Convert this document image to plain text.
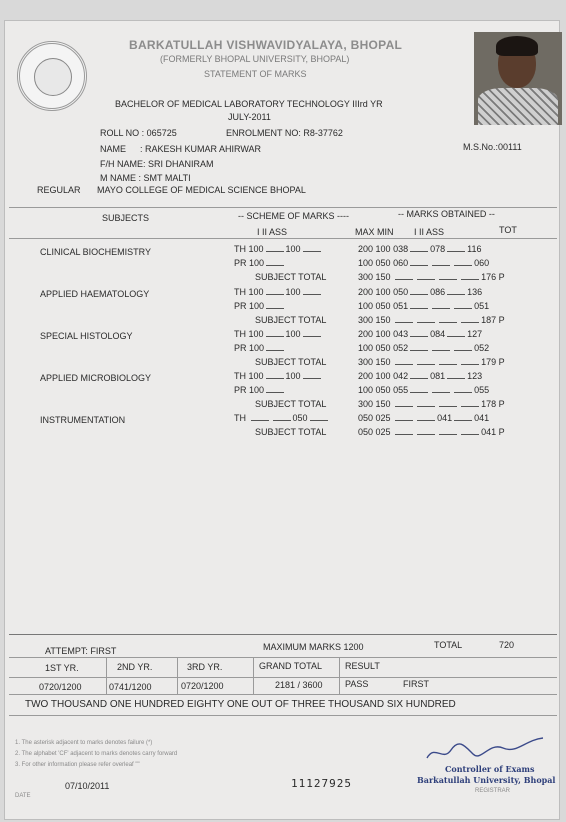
BARKATULLAH VISHWAVIDYALAYA, BHOPAL
(FORMERLY BHOPAL UNIVERSITY, BHOPAL)
STATEMENT OF MARKS
BACHELOR OF MEDICAL LABORATORY TECHNOLOGY IIIrd YR
JULY-2011
ROLL NO : 065725	ENROLMENT NO: R8-37762
NAME : RAKESH KUMAR AHIRWAR	M.S.No.:00111
F/H NAME: SRI DHANIRAM
M NAME : SMT MALTI
REGULAR MAYO COLLEGE OF MEDICAL SCIENCE BHOPAL
SUBJECTS	-- SCHEME OF MARKS ----	-- MARKS OBTAINED --
I II ASS	MAX MIN I II ASS	TOT
CLINICAL BIOCHEMISTRY	TH 100 100	200 100 038 078 116
PR 100	100 050 060	060
SUBJECT TOTAL	300 150	176 P
APPLIED HAEMATOLOGY	TH 100 100	200 100 050 086 136
PR 100	100 050 051	051
SUBJECT TOTAL	300 150	187 P
SPECIAL HISTOLOGY	TH 100 100	200 100 043 084 127
PR 100	100 050 052	052
SUBJECT TOTAL	300 150	179 P
APPLIED MICROBIOLOGY	TH 100 100	200 100 042 081 123
PR 100	100 050 055	055
SUBJECT TOTAL	300 150	178 P
INSTRUMENTATION	TH	050	050 025	041 041
SUBJECT TOTAL	050 025	041 P
ATTEMPT: FIRST	MAXIMUM MARKS 1200	TOTAL	720
1ST YR.	2ND YR.	3RD YR.	GRAND TOTAL	RESULT
0720/1200	0741/1200	0720/1200	2181 / 3600 PASS	FIRST
TWO THOUSAND ONE HUNDRED EIGHTY ONE OUT OF THREE THOUSAND SIX HUNDRED
1. The asterisk adjacent to marks denotes failure (*)
2. The alphabet 'CF' adjacent to marks denotes carry forward
3. For other information please refer overleaf ""
07/10/2011
DATE
11127925
Controller of Exams
Barkatullah University, Bhopal
REGISTRAR
